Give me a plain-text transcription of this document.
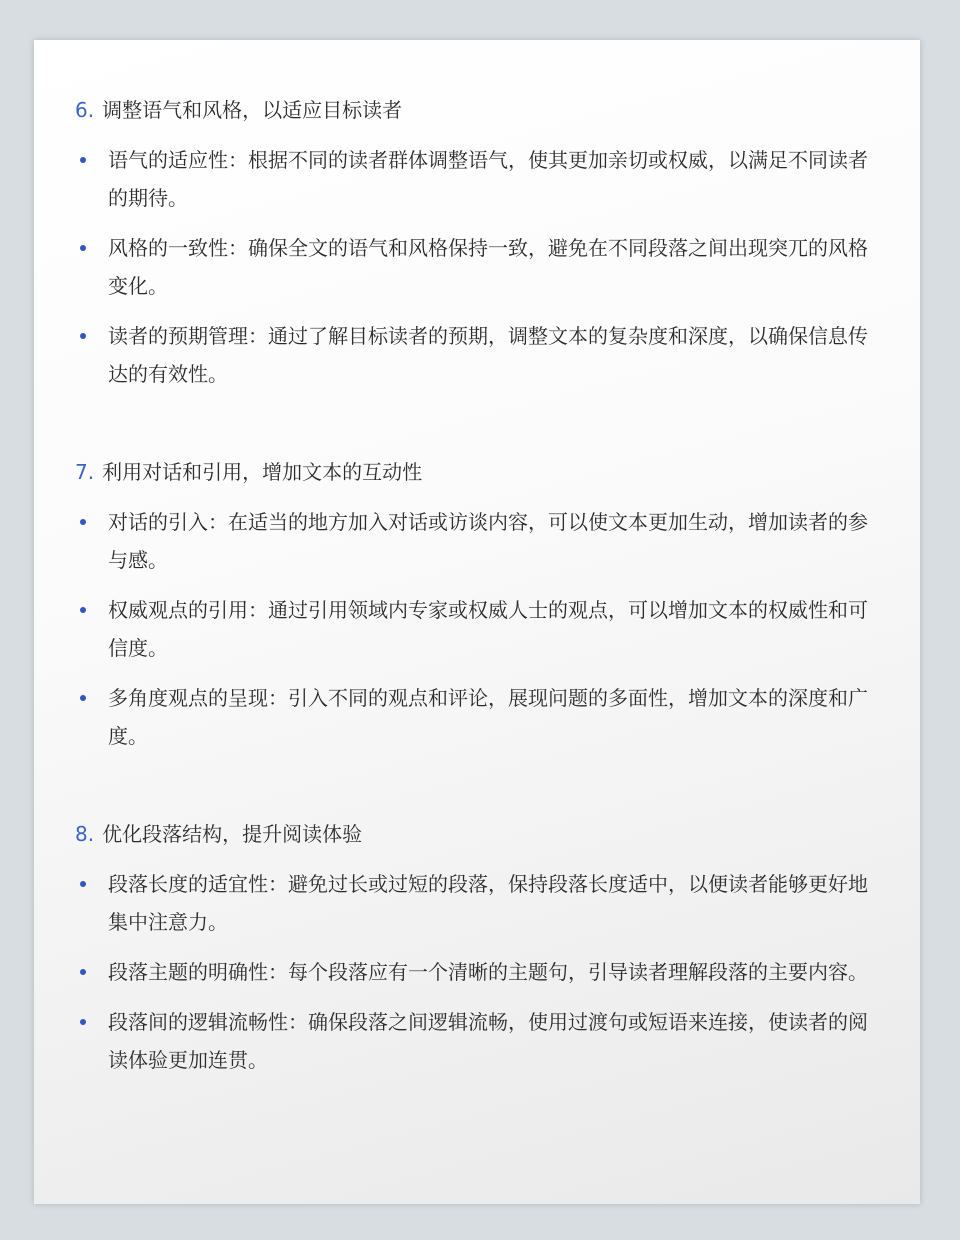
6. 调整语气和风格，以适应目标读者
语气的适应性：根据不同的读者群体调整语气，使其更加亲切或权威，以满足不同读者的期待。
风格的一致性：确保全文的语气和风格保持一致，避免在不同段落之间出现突兀的风格变化。
读者的预期管理：通过了解目标读者的预期，调整文本的复杂度和深度，以确保信息传达的有效性。
7. 利用对话和引用，增加文本的互动性
对话的引入：在适当的地方加入对话或访谈内容，可以使文本更加生动，增加读者的参与感。
权威观点的引用：通过引用领域内专家或权威人士的观点，可以增加文本的权威性和可信度。
多角度观点的呈现：引入不同的观点和评论，展现问题的多面性，增加文本的深度和广度。
8. 优化段落结构，提升阅读体验
段落长度的适宜性：避免过长或过短的段落，保持段落长度适中，以便读者能够更好地集中注意力。
段落主题的明确性：每个段落应有一个清晰的主题句，引导读者理解段落的主要内容。
段落间的逻辑流畅性：确保段落之间逻辑流畅，使用过渡句或短语来连接，使读者的阅读体验更加连贯。
